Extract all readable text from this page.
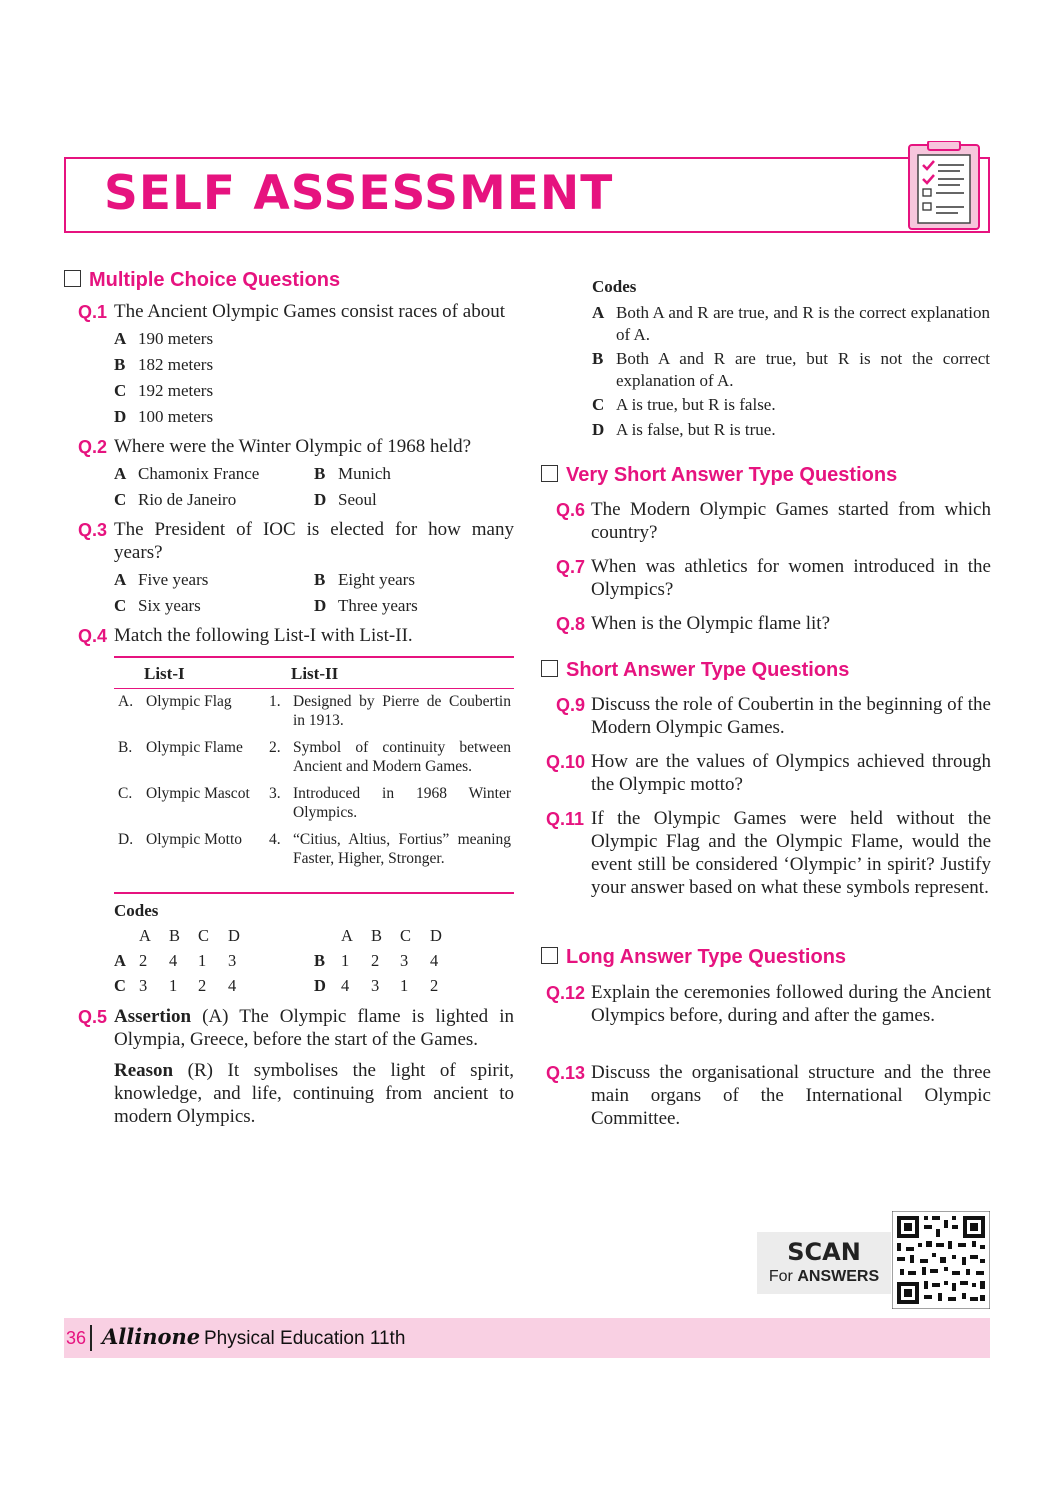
SELF ASSESSMENT
Multiple Choice Questions
Q.1 The Ancient Olympic Games consist races of about
A 190 meters
B 182 meters
C 192 meters
D 100 meters
Q.2 Where were the Winter Olympic of 1968 held?
A Chamonix France	B Munich
C Rio de Janeiro	D Seoul
Q.3 The President of IOC is elected for how many years?
A Five years	B Eight years
C Six years	D Three years
Q.4 Match the following List-I with List-II.
List-I	List-II
A. Olympic Flag 1. Designed by Pierre de Coubertin in 1913.
B. Olympic Flame 2. Symbol of continuity between Ancient and Modern Games.
C. Olympic Mascot 3. Introduced in 1968 Winter Olympics.
D. Olympic Motto 4. “Citius, Altius, Fortius” meaning Faster, Higher, Stronger.
Codes
A B C D	A B C D
A 2 4 1 3	B 1 2 3 4
C 3 1 2 4	D 4 3 1 2
Q.5 Assertion (A) The Olympic flame is lighted in Olympia, Greece, before the start of the Games.
Reason (R) It symbolises the light of spirit, knowledge, and life, continuing from ancient to modern Olympics.
Codes
A Both A and R are true, and R is the correct explanation of A.
B Both A and R are true, but R is not the correct explanation of A.
C A is true, but R is false.
D A is false, but R is true.
Very Short Answer Type Questions
Q.6 The Modern Olympic Games started from which country?
Q.7 When was athletics for women introduced in the Olympics?
Q.8 When is the Olympic flame lit?
Short Answer Type Questions
Q.9 Discuss the role of Coubertin in the beginning of the Modern Olympic Games.
Q.10 How are the values of Olympics achieved through the Olympic motto?
Q.11 If the Olympic Games were held without the Olympic Flag and the Olympic Flame, would the event still be considered ‘Olympic’ in spirit? Justify your answer based on what these symbols represent.
Long Answer Type Questions
Q.12 Explain the ceremonies followed during the Ancient Olympics before, during and after the games.
Q.13 Discuss the organisational structure and the three main organs of the International Olympic Committee.
SCAN
For ANSWERS
36 Allinone Physical Education 11th
